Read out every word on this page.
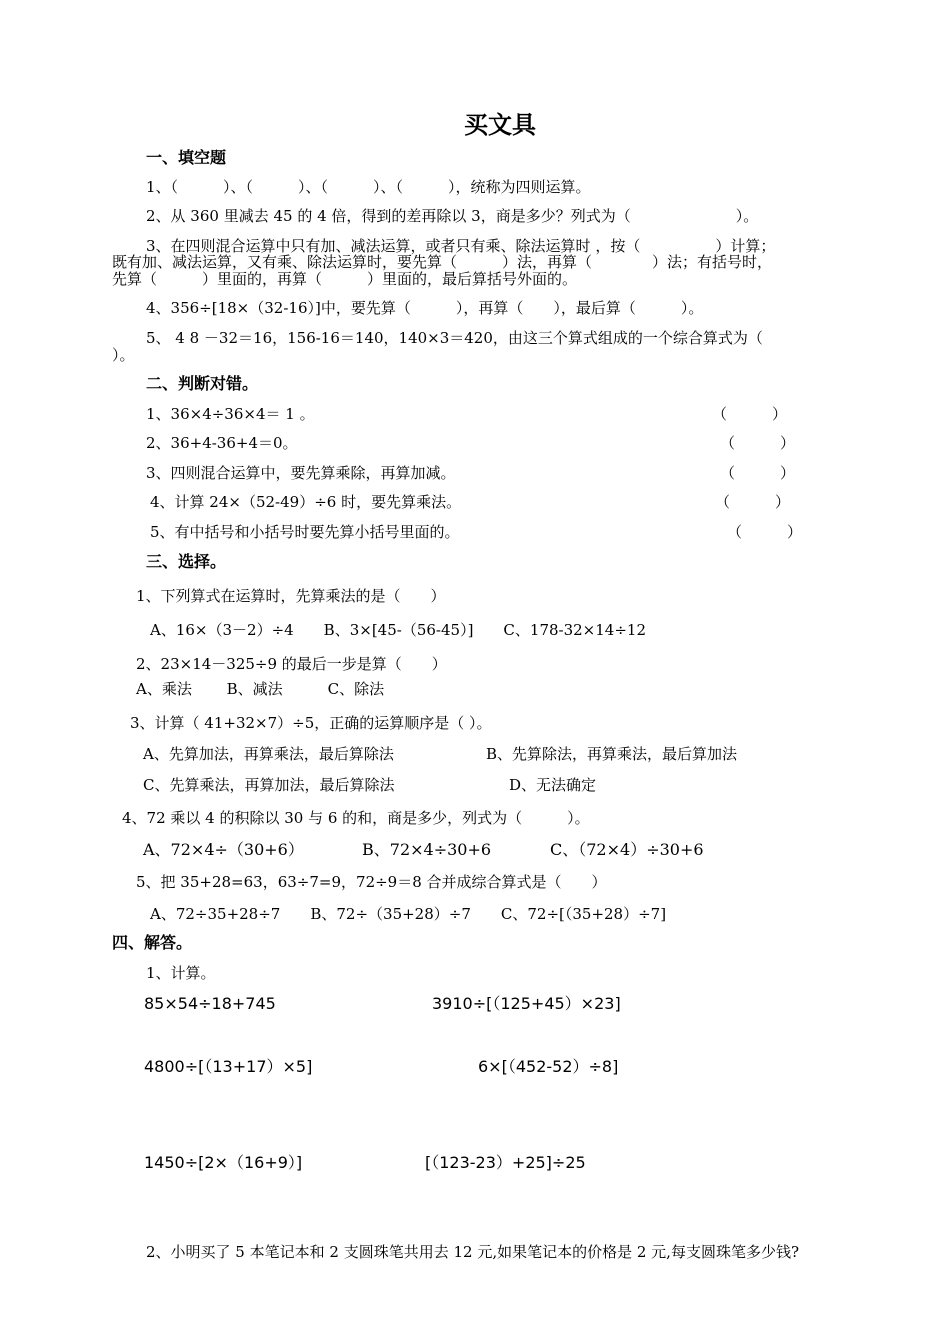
买文具
一、填空题
1、（　　　）、（　　　）、（　　　）、（　　　），统称为四则运算。
2、从 360 里减去 45 的 4 倍，得到的差再除以 3，商是多少？列式为（　　　　　　　）。
3、在四则混合运算中只有加、减法运算，或者只有乘、除法运算时 ，按（　　　　　）计算；
既有加、减法运算，又有乘、除法运算时，要先算（　　　）法，再算（　　　　）法；有括号时，
先算（　　　）里面的，再算（　　　）里面的，最后算括号外面的。
4、356÷[18×（32-16）]中，要先算（　　　），再算（　　），最后算（　　　）。
5、 4 8 －32＝16，156-16＝140，140×3＝420，由这三个算式组成的一个综合算式为（
）。
二、判断对错。
1、36×4÷36×4＝ 1 。	（　　　）
2、36+4-36+4＝0。	（　　　）
3、四则混合运算中，要先算乘除，再算加减。	（　　　）
4、计算 24×（52-49）÷6 时，要先算乘法。	（　　　）
5、有中括号和小括号时要先算小括号里面的。	（　　　）
三、选择。
1、下列算式在运算时，先算乘法的是（　　）
A、16×（3－2）÷4　　B、3×[45-（56-45）]　　C、178-32×14÷12
2、23×14－325÷9 的最后一步是算（　　）
A、乘法　　 B、减法　　　C、除法
3、计算（ 41+32×7）÷5，正确的运算顺序是（ ）。
A、先算加法，再算乘法，最后算除法	B、先算除法，再算乘法，最后算加法
C、先算乘法，再算加法，最后算除法	D、无法确定
4、72 乘以 4 的积除以 30 与 6 的和，商是多少，列式为（　　　）。
A、72×4÷（30+6）	B、72×4÷30+6	C、（72×4）÷30+6
5、把 35+28=63，63÷7=9，72÷9＝8 合并成综合算式是（　　）
A、72÷35+28÷7　　B、72÷（35+28）÷7　　C、72÷[（35+28）÷7]
四、解答。
1、计算。
85×54÷18+745	3910÷[（125+45）×23]
4800÷[（13+17）×5]	6×[（452-52）÷8]
1450÷[2×（16+9）]	[（123-23）+25]÷25
2、小明买了 5 本笔记本和 2 支圆珠笔共用去 12 元,如果笔记本的价格是 2 元,每支圆珠笔多少钱?
